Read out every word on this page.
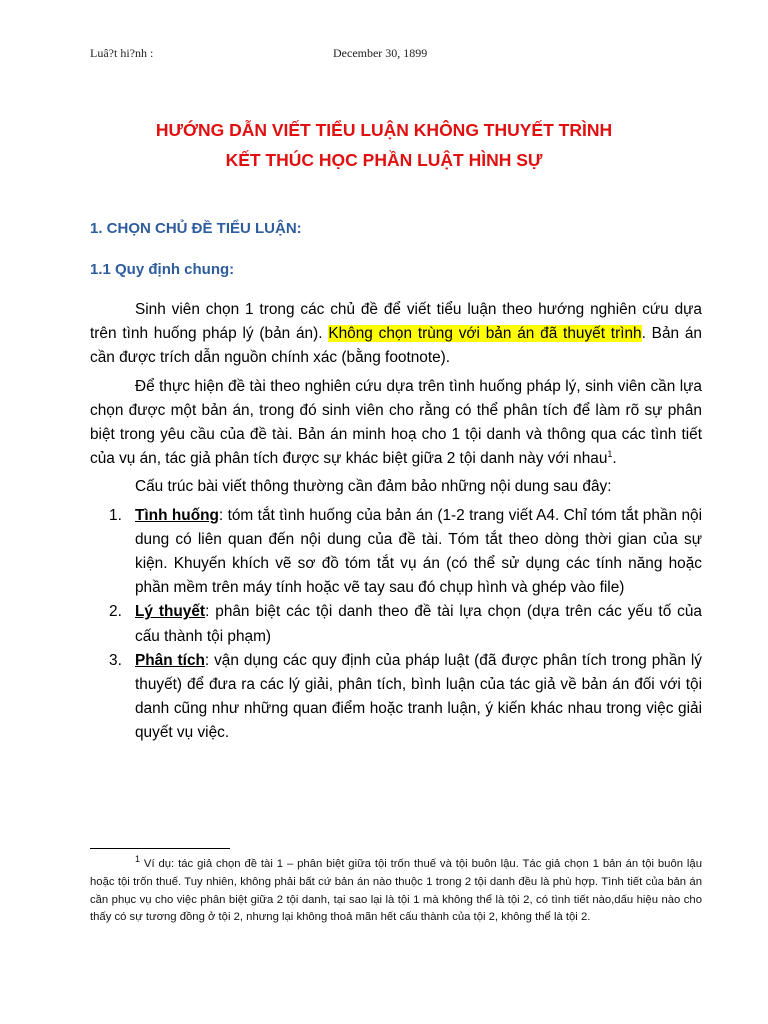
Luâ?t hi?nh :	December 30, 1899
HƯỚNG DẪN VIẾT TIỂU LUẬN KHÔNG THUYẾT TRÌNH
KẾT THÚC HỌC PHẦN LUẬT HÌNH SỰ
1. CHỌN CHỦ ĐỀ TIỂU LUẬN:
1.1 Quy định chung:

Sinh viên chọn 1 trong các chủ đề để viết tiểu luận theo hướng nghiên cứu dựa trên tình huống pháp lý (bản án). Không chọn trùng với bản án đã thuyết trình. Bản án cần được trích dẫn nguồn chính xác (bằng footnote).

Để thực hiện đề tài theo nghiên cứu dựa trên tình huống pháp lý, sinh viên cần lựa chọn được một bản án, trong đó sinh viên cho rằng có thể phân tích để làm rõ sự phân biệt trong yêu cầu của đề tài. Bản án minh hoạ cho 1 tội danh và thông qua các tình tiết của vụ án, tác giả phân tích được sự khác biệt giữa 2 tội danh này với nhau$^1$.

Cấu trúc bài viết thông thường cần đảm bảo những nội dung sau đây:

Tình huống: tóm tắt tình huống của bản án (1-2 trang viết A4. Chỉ tóm tắt phần nội dung có liên quan đến nội dung của đề tài. Tóm tắt theo dòng thời gian của sự kiện. Khuyến khích vẽ sơ đồ tóm tắt vụ án (có thể sử dụng các tính năng hoặc phần mềm trên máy tính hoặc vẽ tay sau đó chụp hình và ghép vào file)
Lý thuyết: phân biệt các tội danh theo đề tài lựa chọn (dựa trên các yếu tố của cấu thành tội phạm)
Phân tích: vận dụng các quy định của pháp luật (đã được phân tích trong phần lý thuyết) để đưa ra các lý giải, phân tích, bình luận của tác giả về bản án đối với tội danh cũng như những quan điểm hoặc tranh luận, ý kiến khác nhau trong việc giải quyết vụ việc.

$^1$ Ví dụ: tác giả chọn đề tài 1 – phân biệt giữa tội trốn thuế và tội buôn lậu. Tác giả chọn 1 bản án tội buôn lậu hoặc tội trốn thuế. Tuy nhiên, không phải bất cứ bản án nào thuộc 1 trong 2 tội danh đều là phù hợp. Tình tiết của bản án cần phục vụ cho việc phân biệt giữa 2 tội danh, tại sao lại là tội 1 mà không thể là tội 2, có tình tiết nào,dấu hiệu nào cho thấy có sự tương đồng ở tội 2, nhưng lại không thoả mãn hết cấu thành của tội 2, không thể là tội 2.
